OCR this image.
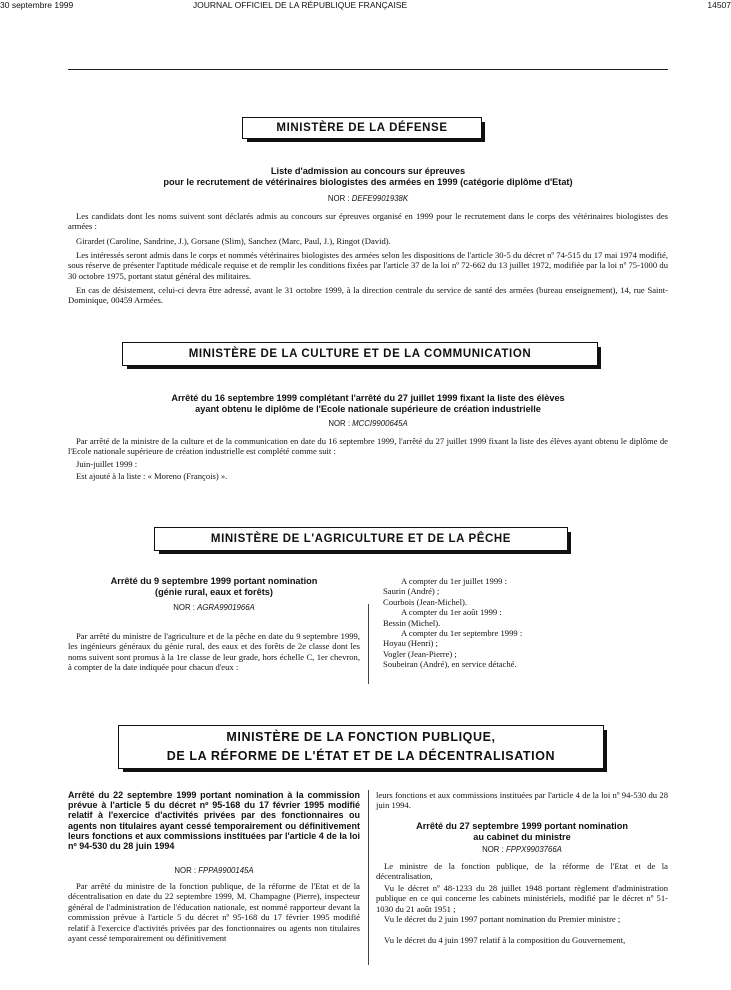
30 septembre 1999	JOURNAL OFFICIEL DE LA RÉPUBLIQUE FRANÇAISE	14507
MINISTÈRE DE LA DÉFENSE
Liste d'admission au concours sur épreuves
pour le recrutement de vétérinaires biologistes des armées en 1999 (catégorie diplôme d'Etat)
NOR : DEFE9901938K

Les candidats dont les noms suivent sont déclarés admis au concours sur épreuves organisé en 1999 pour le recrutement dans le corps des vétérinaires biologistes des armées :

Girardet (Caroline, Sandrine, J.), Gorsane (Slim), Sanchez (Marc, Paul, J.), Ringot (David).

Les intéressés seront admis dans le corps et nommés vétérinaires biologistes des armées selon les dispositions de l'article 30-5 du décret nº 74-515 du 17 mai 1974 modifié, sous réserve de présenter l'aptitude médicale requise et de remplir les conditions fixées par l'article 37 de la loi nº 72-662 du 13 juillet 1972, modifiée par la loi nº 75-1000 du 30 octobre 1975, portant statut général des militaires.

En cas de désistement, celui-ci devra être adressé, avant le 31 octobre 1999, à la direction centrale du service de santé des armées (bureau enseignement), 14, rue Saint-Dominique, 00459 Armées.

MINISTÈRE DE LA CULTURE ET DE LA COMMUNICATION
Arrêté du 16 septembre 1999 complétant l'arrêté du 27 juillet 1999 fixant la liste des élèves
ayant obtenu le diplôme de l'Ecole nationale supérieure de création industrielle
NOR : MCCI9900645A

Par arrêté de la ministre de la culture et de la communication en date du 16 septembre 1999, l'arrêté du 27 juillet 1999 fixant la liste des élèves ayant obtenu le diplôme de l'Ecole nationale supérieure de création industrielle est complété comme suit :

Juin-juillet 1999 :

Est ajouté à la liste : « Moreno (François) ».

MINISTÈRE DE L'AGRICULTURE ET DE LA PÊCHE
Arrêté du 9 septembre 1999 portant nomination
(génie rural, eaux et forêts)
NOR : AGRA9901966A

Par arrêté du ministre de l'agriculture et de la pêche en date du 9 septembre 1999, les ingénieurs généraux du génie rural, des eaux et des forêts de 2e classe dont les noms suivent sont promus à la 1re classe de leur grade, hors échelle C, 1er chevron, à compter de la date indiquée pour chacun d'eux :

A compter du 1er juillet 1999 :

Saurin (André) ;

Courbois (Jean-Michel).

A compter du 1er août 1999 :

Bessin (Michel).

A compter du 1er septembre 1999 :

Hoyau (Henri) ;

Vogler (Jean-Pierre) ;

Soubeiran (André), en service détaché.

MINISTÈRE DE LA FONCTION PUBLIQUE,
DE LA RÉFORME DE L'ÉTAT ET DE LA DÉCENTRALISATION
Arrêté du 22 septembre 1999 portant nomination à la commission prévue à l'article 5 du décret nº 95-168 du 17 février 1995 modifié relatif à l'exercice d'activités privées par des fonctionnaires ou agents non titulaires ayant cessé temporairement ou définitivement leurs fonctions et aux commissions instituées par l'article 4 de la loi nº 94-530 du 28 juin 1994
NOR : FPPA9900145A

Par arrêté du ministre de la fonction publique, de la réforme de l'Etat et de la décentralisation en date du 22 septembre 1999, M. Champagne (Pierre), inspecteur général de l'administration de l'éducation nationale, est nommé rapporteur devant la commission prévue à l'article 5 du décret nº 95-168 du 17 février 1995 modifié relatif à l'exercice d'activités privées par des fonctionnaires ou agents non titulaires ayant cessé temporairement ou définitivement

leurs fonctions et aux commissions instituées par l'article 4 de la loi nº 94-530 du 28 juin 1994.

Arrêté du 27 septembre 1999 portant nomination
au cabinet du ministre
NOR : FPPX9903766A

Le ministre de la fonction publique, de la réforme de l'Etat et de la décentralisation,

Vu le décret nº 48-1233 du 28 juillet 1948 portant règlement d'administration publique en ce qui concerne les cabinets ministériels, modifié par le décret nº 51-1030 du 21 août 1951 ;

Vu le décret du 2 juin 1997 portant nomination du Premier ministre ;

Vu le décret du 4 juin 1997 relatif à la composition du Gouvernement,
